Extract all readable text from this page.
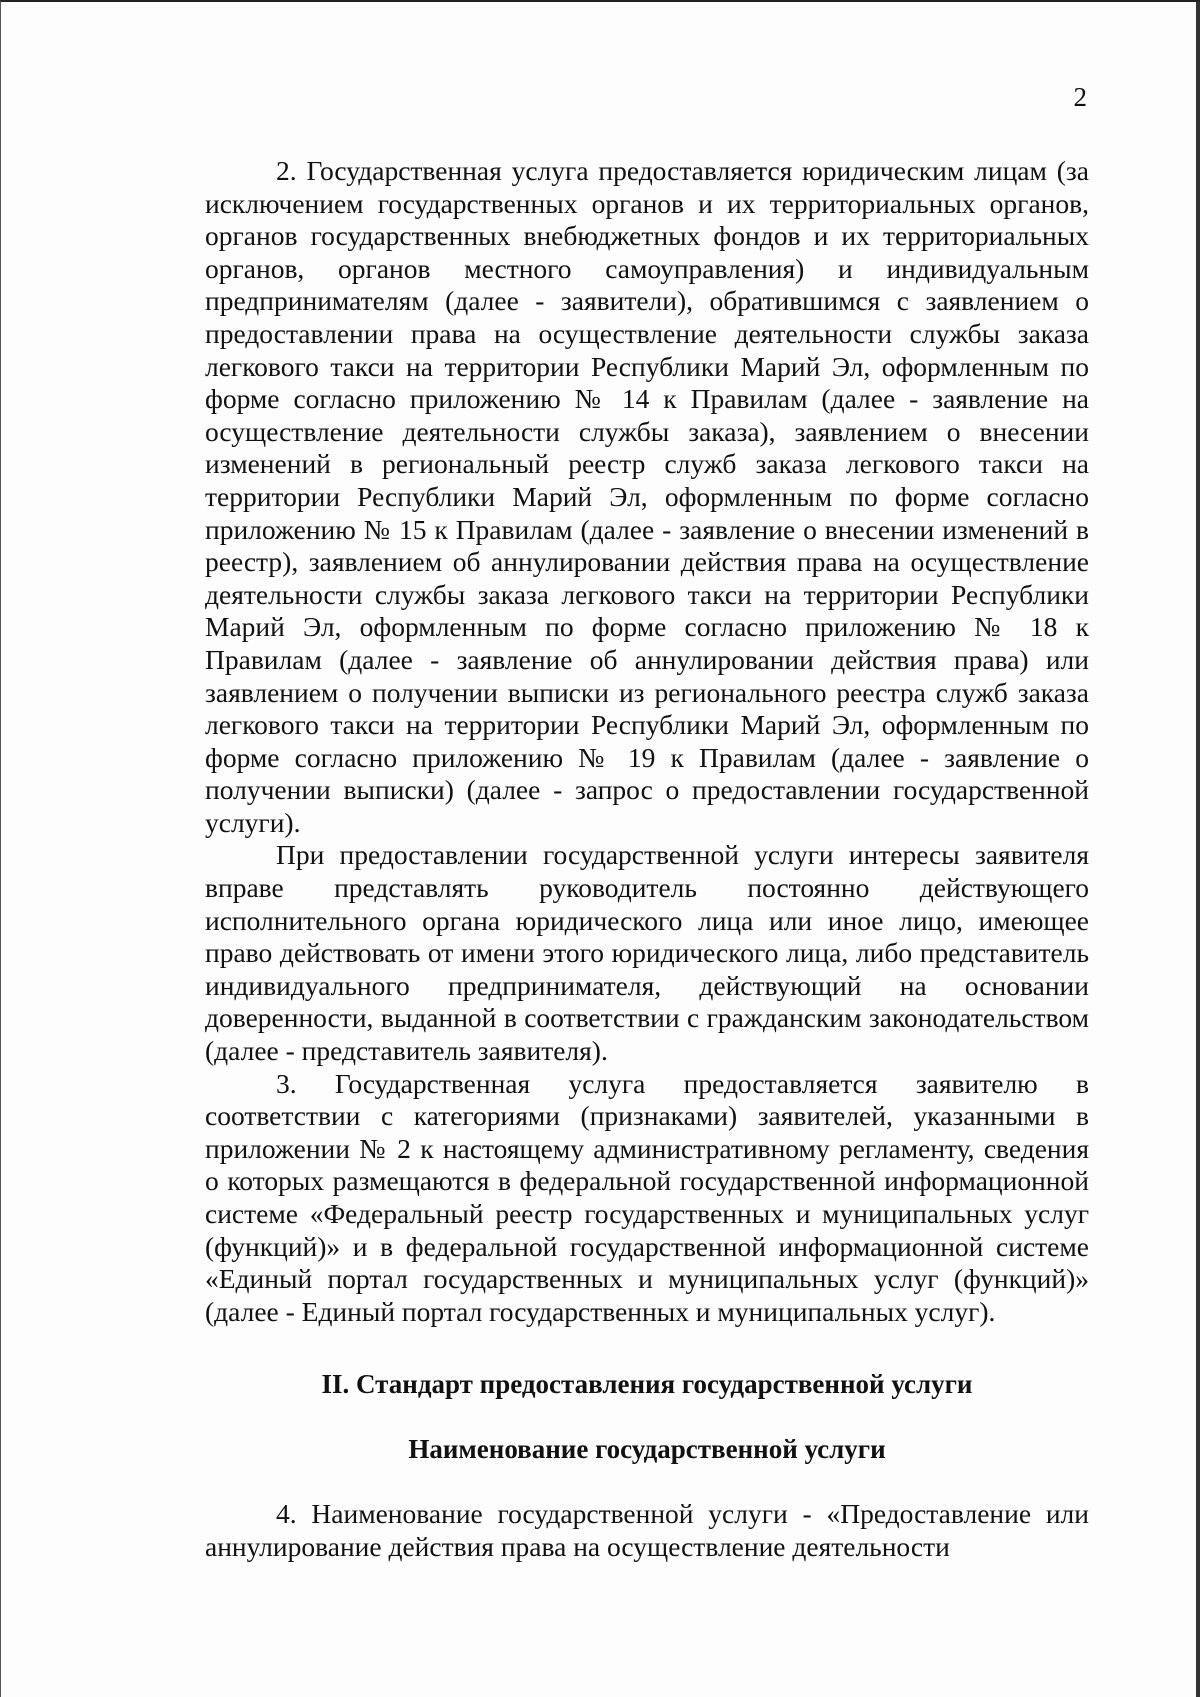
2

2. Государственная услуга предоставляется юридическим лицам (за исключением государственных органов и их территориальных органов, органов государственных внебюджетных фондов и их территориальных органов, органов местного самоуправления) и индивидуальным предпринимателям (далее - заявители), обратившимся с заявлением о предоставлении права на осуществление деятельности службы заказа легкового такси на территории Республики Марий Эл, оформленным по форме согласно приложению № 14 к Правилам (далее - заявление на осуществление деятельности службы заказа), заявлением о внесении изменений в региональный реестр служб заказа легкового такси на территории Республики Марий Эл, оформленным по форме согласно приложению № 15 к Правилам (далее - заявление о внесении изменений в реестр), заявлением об аннулировании действия права на осуществление деятельности службы заказа легкового такси на территории Республики Марий Эл, оформленным по форме согласно приложению № 18 к Правилам (далее - заявление об аннулировании действия права) или заявлением о получении выписки из регионального реестра служб заказа легкового такси на территории Республики Марий Эл, оформленным по форме согласно приложению № 19 к Правилам (далее - заявление о получении выписки) (далее - запрос о предоставлении государственной услуги).

При предоставлении государственной услуги интересы заявителя вправе представлять руководитель постоянно действующего исполнительного органа юридического лица или иное лицо, имеющее право действовать от имени этого юридического лица, либо представитель индивидуального предпринимателя, действующий на основании доверенности, выданной в соответствии с гражданским законодательством (далее - представитель заявителя).

3. Государственная услуга предоставляется заявителю в соответствии с категориями (признаками) заявителей, указанными в приложении № 2 к настоящему административному регламенту, сведения о которых размещаются в федеральной государственной информационной системе «Федеральный реестр государственных и муниципальных услуг (функций)» и в федеральной государственной информационной системе «Единый портал государственных и муниципальных услуг (функций)» (далее - Единый портал государственных и муниципальных услуг).

II. Стандарт предоставления государственной услуги
Наименование государственной услуги

4. Наименование государственной услуги - «Предоставление или аннулирование действия права на осуществление деятельности
